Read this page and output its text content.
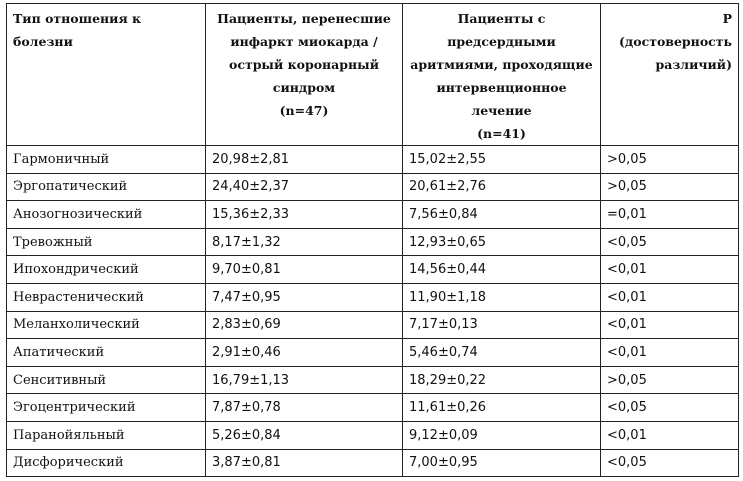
Тип отношения к болезни	Пациенты, перенесшие
инфаркт миокарда /
острый коронарный
синдром
(n=47)	Пациенты с
предсердными
аритмиями, проходящие
интервенционное лечение
(n=41)	P (достоверность
различий)

Гармоничный	20,98±2,81	15,02±2,55	>0,05
Эргопатический	24,40±2,37	20,61±2,76	>0,05
Анозогнозический	15,36±2,33	7,56±0,84	=0,01
Тревожный	8,17±1,32	12,93±0,65	<0,05
Ипохондрический	9,70±0,81	14,56±0,44	<0,01
Неврастенический	7,47±0,95	11,90±1,18	<0,01
Меланхолический	2,83±0,69	7,17±0,13	<0,01
Апатический	2,91±0,46	5,46±0,74	<0,01
Сенситивный	16,79±1,13	18,29±0,22	>0,05
Эгоцентрический	7,87±0,78	11,61±0,26	<0,05
Паранойяльный	5,26±0,84	9,12±0,09	<0,01
Дисфорический	3,87±0,81	7,00±0,95	<0,05
